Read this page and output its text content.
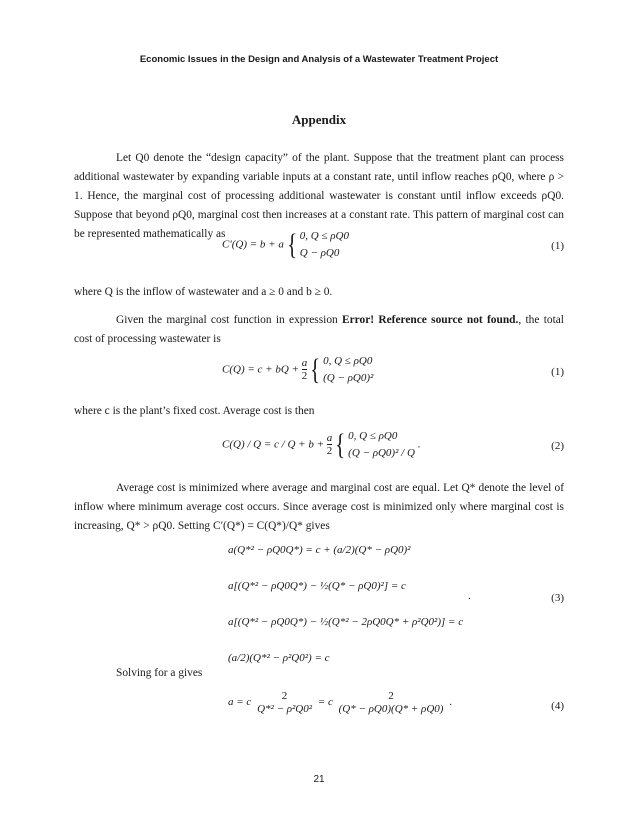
Economic Issues in the Design and Analysis of a Wastewater Treatment Project
Appendix
Let Q0 denote the “design capacity” of the plant. Suppose that the treatment plant can process additional wastewater by expanding variable inputs at a constant rate, until inflow reaches ρQ0, where ρ > 1. Hence, the marginal cost of processing additional wastewater is constant until inflow exceeds ρQ0. Suppose that beyond ρQ0, marginal cost then increases at a constant rate. This pattern of marginal cost can be represented mathematically as
C′(Q) = b + a { 0, Q ≤ ρQ0
Q − ρQ0
(1)
where Q is the inflow of wastewater and a ≥ 0 and b ≥ 0.
Given the marginal cost function in expression Error! Reference source not found., the total cost of processing wastewater is
C(Q) = c + bQ + $\frac{a}{2}$ { 0, Q ≤ ρQ0
(Q − ρQ0)²	(1)
where c is the plant’s fixed cost. Average cost is then
$C(Q) / Q = c / Q + b + \frac{a}{2}$ { 0, Q ≤ ρQ0
(Q − ρQ0)² / Q
.	(2)
Average cost is minimized where average and marginal cost are equal. Let Q* denote the level of inflow where minimum average cost occurs. Since average cost is minimized only where marginal cost is increasing, Q* > ρQ0. Setting C′(Q*) = C(Q*)/Q* gives
a(Q*² − ρQ0Q*) = c + (a/2)(Q* − ρQ0)²
a[(Q*² − ρQ0Q*) − ½(Q* − ρQ0)²] = c
a[(Q*² − ρQ0Q*) − ½(Q*² − 2ρQ0Q* + ρ²Q0²)] = c
(a/2)(Q*² − ρ²Q0²) = c
.	(3)
Solving for a gives
a = c
2
Q*² − ρ²Q0² = c
2
(Q* − ρQ0)(Q* + ρQ0) .	(4)
21
